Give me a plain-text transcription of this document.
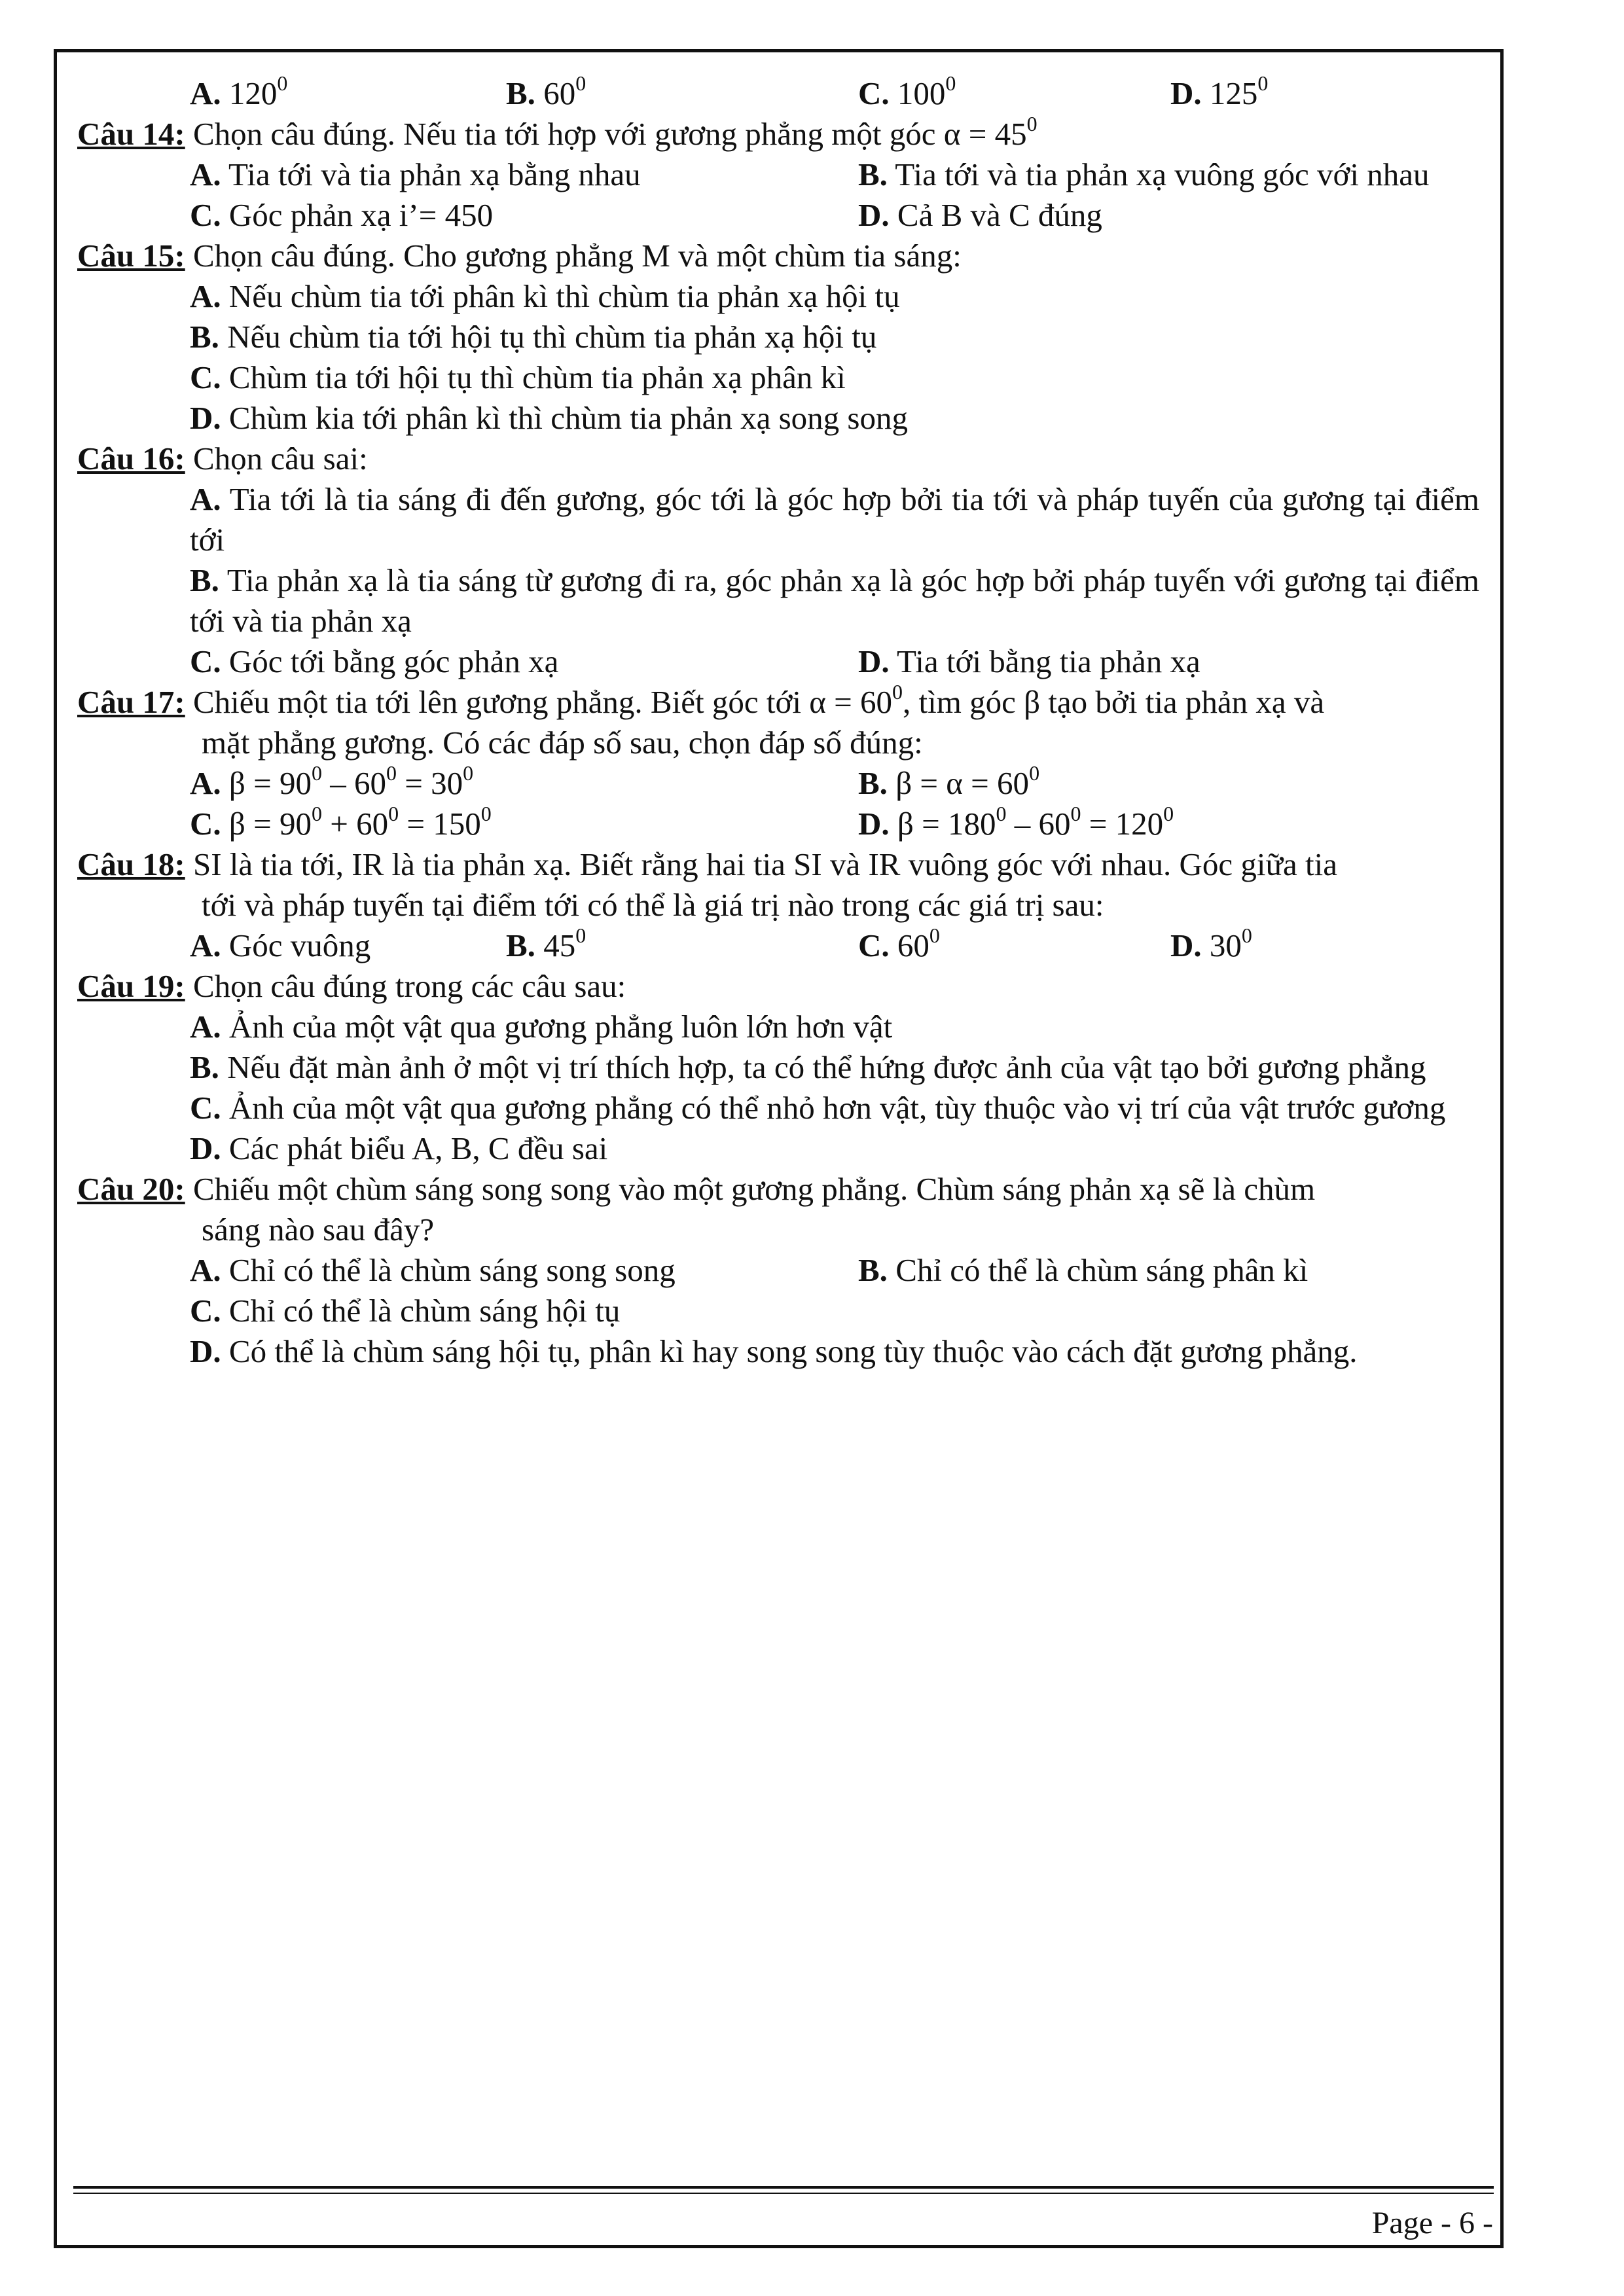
A. $120^0$	B. $60^0$	C. $100^0$	D. $125^0$
Câu 14: Chọn câu đúng. Nếu tia tới hợp với gương phẳng một góc $\alpha = 45^0$
A. Tia tới và tia phản xạ bằng nhau	B. Tia tới và tia phản xạ vuông góc với nhau
C. Góc phản xạ i’= 450	D. Cả B và C đúng
Câu 15: Chọn câu đúng. Cho gương phẳng M và một chùm tia sáng:
A. Nếu chùm tia tới phân kì thì chùm tia phản xạ hội tụ
B. Nếu chùm tia tới hội tụ thì chùm tia phản xạ hội tụ
C. Chùm tia tới hội tụ thì chùm tia phản xạ phân kì
D. Chùm kia tới phân kì thì chùm tia phản xạ song song
Câu 16: Chọn câu sai:
A. Tia tới là tia sáng đi đến gương, góc tới là góc hợp bởi tia tới và pháp tuyến của gương tại điểm tới
B. Tia phản xạ là tia sáng từ gương đi ra, góc phản xạ là góc hợp bởi pháp tuyến với gương tại điểm tới và tia phản xạ
C. Góc tới bằng góc phản xạ	D. Tia tới bằng tia phản xạ
Câu 17: Chiếu một tia tới lên gương phẳng. Biết góc tới $\alpha = 60^0$, tìm góc β tạo bởi tia phản xạ và
mặt phẳng gương. Có các đáp số sau, chọn đáp số đúng:
A. $\beta = 90^0 - 60^0 = 30^0$	B. $\beta = \alpha = 60^0$
C. $\beta = 90^0 + 60^0 = 150^0$	D. $\beta = 180^0 - 60^0 = 120^0$
Câu 18: SI là tia tới, IR là tia phản xạ. Biết rằng hai tia SI và IR vuông góc với nhau. Góc giữa tia
tới và pháp tuyến tại điểm tới có thể là giá trị nào trong các giá trị sau:
A. Góc vuông	B. $45^0$	C. $60^0$	D. $30^0$
Câu 19: Chọn câu đúng trong các câu sau:
A. Ảnh của một vật qua gương phẳng luôn lớn hơn vật
B. Nếu đặt màn ảnh ở một vị trí thích hợp, ta có thể hứng được ảnh của vật tạo bởi gương phẳng
C. Ảnh của một vật qua gương phẳng có thể nhỏ hơn vật, tùy thuộc vào vị trí của vật trước gương
D. Các phát biểu A, B, C đều sai
Câu 20: Chiếu một chùm sáng song song vào một gương phẳng. Chùm sáng phản xạ sẽ là chùm
sáng nào sau đây?
A. Chỉ có thể là chùm sáng song song	B. Chỉ có thể là chùm sáng phân kì
C. Chỉ có thể là chùm sáng hội tụ
D. Có thể là chùm sáng hội tụ, phân kì hay song song tùy thuộc vào cách đặt gương phẳng.
Page - 6 -
